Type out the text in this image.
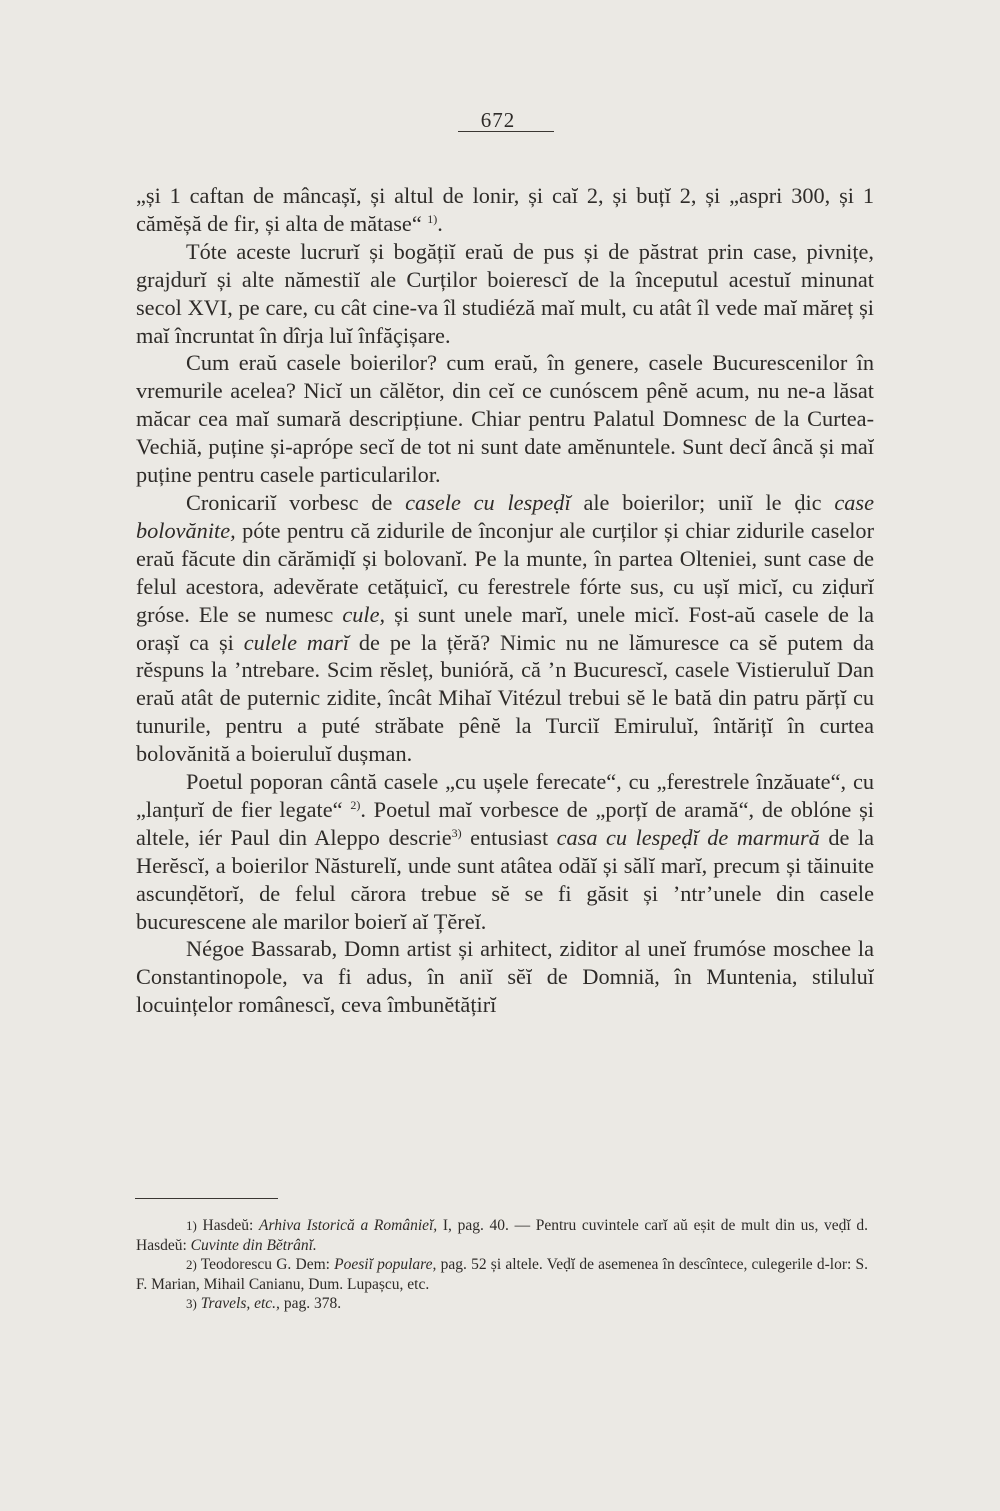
672

„și 1 caftan de mâncașĭ, și altul de lonir, și caĭ 2, și buțĭ 2, și „aspri 300, și 1 cămĕșă de fir, și alta de mătase“ $^{1)}$.

Tóte aceste lucrurĭ și bogățiĭ eraŭ de pus și de păstrat prin case, pivnițe, grajdurĭ și alte nămestiĭ ale Curților boierescĭ de la începutul acestuĭ minunat secol XVI, pe care, cu cât cine-va îl studiéză maĭ mult, cu atât îl vede maĭ măreț și maĭ încruntat în dîrja luĭ înfăçișare.

Cum eraŭ casele boierilor? cum eraŭ, în genere, casele Bucurescenilor în vremurile acelea? Nicĭ un călĕtor, din ceĭ ce cunóscem pênĕ acum, nu ne-a lăsat măcar cea maĭ sumară descripțiune. Chiar pentru Palatul Domnesc de la Curtea-Vechiă, puține și-aprópe secĭ de tot ni sunt date amĕnuntele. Sunt decĭ âncă și maĭ puține pentru casele particularilor.

Cronicariĭ vorbesc de casele cu lespeḍĭ ale boierilor; uniĭ le ḍic case bolovănite, póte pentru că zidurile de înconjur ale curților și chiar zidurile caselor eraŭ făcute din cărămiḍĭ și bolovanĭ. Pe la munte, în partea Olteniei, sunt case de felul acestora, adevĕrate cetățuicĭ, cu ferestrele fórte sus, cu ușĭ micĭ, cu ziḍurĭ gróse. Ele se numesc cule, și sunt unele marĭ, unele micĭ. Fost-aŭ casele de la orașĭ ca și culele marĭ de pe la țĕră? Nimic nu ne lămuresce ca sĕ putem da rĕspuns la ’ntrebare. Scim rĕsleț, bunióră, că ’n Bucurescĭ, casele Vistieruluĭ Dan eraŭ atât de puternic zidite, încât Mihaĭ Vitézul trebui sĕ le bată din patru părțĭ cu tunurile, pentru a puté străbate pênĕ la Turciĭ Emiruluĭ, întărițĭ în curtea bolovănită a boieruluĭ dușman.

Poetul poporan cântă casele „cu ușele ferecate“, cu „ferestrele înzăuate“, cu „lanțurĭ de fier legate“ $^{2)}$. Poetul maĭ vorbesce de „porțĭ de aramă“, de oblóne și altele, iér Paul din Aleppo descrie$^{3)}$ entusiast casa cu lespeḍĭ de marmură de la Herĕscĭ, a boierilor Năsturelĭ, unde sunt atâtea odăĭ și sălĭ marĭ, precum și tăinuite ascunḍĕtorĭ, de felul cărora trebue sĕ se fi găsit și ’ntr’unele din casele bucurescene ale marilor boierĭ aĭ Țĕreĭ.

Négoe Bassarab, Domn artist și arhitect, ziditor al uneĭ frumóse moschee la Constantinopole, va fi adus, în aniĭ sĕĭ de Domniă, în Muntenia, stiluluĭ locuințelor românescĭ, ceva îmbunĕtățirĭ

1) Hasdeŭ: Arhiva Istorică a Românieĭ, I, pag. 40. — Pentru cuvintele carĭ aŭ eșit de mult din us, veḍĭ d. Hasdeŭ: Cuvinte din Bĕtrânĭ.

2) Teodorescu G. Dem: Poesiĭ populare, pag. 52 și altele. Veḍĭ de asemenea în descîntece, culegerile d-lor: S. F. Marian, Mihail Canianu, Dum. Lupașcu, etc.

3) Travels, etc., pag. 378.
